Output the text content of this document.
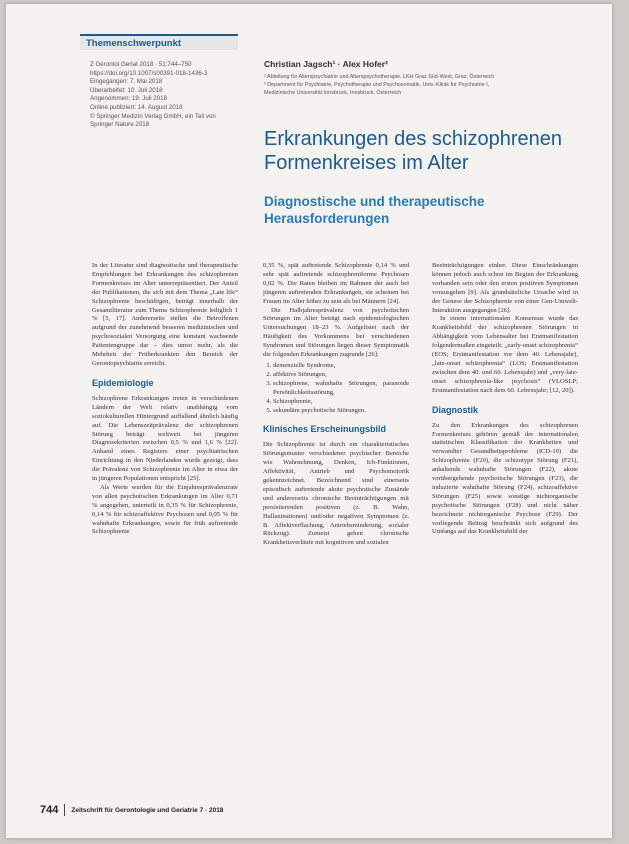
Themenschwerpunkt
Z Gerontol Geriat 2018 · 51:744–750
https://doi.org/10.1007/s00391-018-1436-3
Eingegangen: 7. Mai 2018
Überarbeitet: 10. Juli 2018
Angenommen: 19. Juli 2018
Online publiziert: 14. August 2018
© Springer Medizin Verlag GmbH, ein Teil von
Springer Nature 2018
Christian Jagsch¹ · Alex Hofer²
¹ Abteilung für Alterspsychiatrie und Alterspsychotherapie, LKH Graz Süd-West, Graz, Österreich
² Department für Psychiatrie, Psychotherapie und Psychosomatik, Univ.-Klinik für Psychiatrie I,
Medizinische Universität Innsbruck, Innsbruck, Österreich
Erkrankungen des schizophrenen Formenkreises im Alter
Diagnostische und therapeutische Herausforderungen

In der Literatur sind diagnostische und therapeutische Empfehlungen bei Erkrankungen des schizophrenen Formenkreises im Alter unterrepräsentiert. Der Anteil der Publikationen, die sich mit dem Thema „Late life“ Schizophrenie beschäftigen, beträgt innerhalb der Gesamtliteratur zum Thema Schizophrenie lediglich 1 % [5, 17]. Andererseits stellen die Betroffenen aufgrund der zunehmend besseren medizinischen und psychosozialen Versorgung eine konstant wachsende Patientengruppe dar – dies umso mehr, als die Mehrheit der Früherkrankten den Bereich der Gerontopsychiatrie erreicht.

Epidemiologie

Schizophrene Erkrankungen treten in verschiedenen Ländern der Welt relativ unabhängig vom soziokulturellen Hintergrund auffallend ähnlich häufig auf. Die Lebenszeitprävalenz der schizophrenen Störung beträgt weltweit bei jüngeren Diagnosekriterien zwischen 0,5 % und 1,6 % [22]. Anhand eines Registers einer psychiatrischen Einrichtung in den Niederlanden wurde gezeigt, dass die Prävalenz von Schizophrenie im Alter in etwa der in jüngeren Populationen entspricht [25].

Als Werte wurden für die Einjahresprävalenzrate von allen psychotischen Erkrankungen im Alter 0,71 % angegeben, unterteilt in 0,35 % für Schizophrenie, 0,14 % für schizoaffektive Psychosen und 0,05 % für wahnhafte Erkrankungen, sowie für früh auftretende Schizophrenie

0,35 %, spät auftretende Schizophrenie 0,14 % und sehr spät auftretende schizophreniforme Psychosen 0,02 %. Die Raten bleiben im Rahmen der auch bei jüngeren auftretenden Erkrankungen, sie scheinen bei Frauen im Alter höher zu sein als bei Männern [24].

Die Halbjahresprävalenz von psychotischen Störungen im Alter beträgt nach epidemiologischen Untersuchungen 18–23 %. Aufgelistet nach der Häufigkeit des Vorkommens bei verschiedenen Syndromen und Störungen liegen dieser Symptomatik die folgenden Erkrankungen zugrunde [26]:

1. demenzielle Syndrome,
2. affektive Störungen,
3. schizophrene, wahnhafte Störungen, paranoide Persönlichkeitsstörung,
4. Schizophrenie,
5. sekundäre psychotische Störungen.
Klinisches Erscheinungsbild

Die Schizophrenie ist durch ein charakteristisches Störungsmuster verschiedener psychischer Bereiche wie Wahrnehmung, Denken, Ich-Funktionen, Affektivität, Antrieb und Psychomotorik gekennzeichnet. Bezeichnend sind einerseits episodisch auftretende akute psychotische Zustände und andererseits chronische Beeinträchtigungen mit persistierenden positiven (z. B. Wahn, Halluzinationen) und/oder negativen Symptomen (z. B. Affektverflachung, Antriebsminderung, sozialer Rückzug). Zumeist gehen chronische Krankheitsverläufe mit kognitiven und sozialen

Beeinträchtigungen einher. Diese Einschränkungen können jedoch auch schon im Beginn der Erkrankung vorhanden sein oder den ersten positiven Symptomen vorausgehen [9]. Als grundsätzliche Ursache wird in der Genese der Schizophrenie von einer Gen-Umwelt-Interaktion ausgegangen [26].

In einem internationalen Konsensus wurde das Krankheitsbild der schizophrenen Störungen in Abhängigkeit vom Lebensalter bei Erstmanifestation folgendermaßen eingeteilt: „early-onset schizophrenia“ (EOS; Erstmanifestation vor dem 40. Lebensjahr), „late-onset schizophrenia“ (LOS; Erstmanifestation zwischen dem 40. und 60. Lebensjahr) und „very-late-onset schizophrenia-like psychosis“ (VLOSLP; Erstmanifestation nach dem 60. Lebensjahr; [12, 20]).

Diagnostik

Zu den Erkrankungen des schizophrenen Formenkreises gehören gemäß der internationalen statistischen Klassifikation der Krankheiten und verwandter Gesundheitsprobleme (ICD-10) die Schizophrenie (F20), die schizotype Störung (F21), anhaltende wahnhafte Störungen (F22), akute vorübergehende psychotische Störungen (F23), die induzierte wahnhafte Störung (F24), schizoaffektive Störungen (F25) sowie sonstige nichtorganische psychotische Störungen (F28) und nicht näher bezeichnete nichtorganische Psychose (F29). Der vorliegende Beitrag beschränkt sich aufgrund des Umfangs auf das Krankheitsbild der

744 Zeitschrift für Gerontologie und Geriatrie 7 · 2018
